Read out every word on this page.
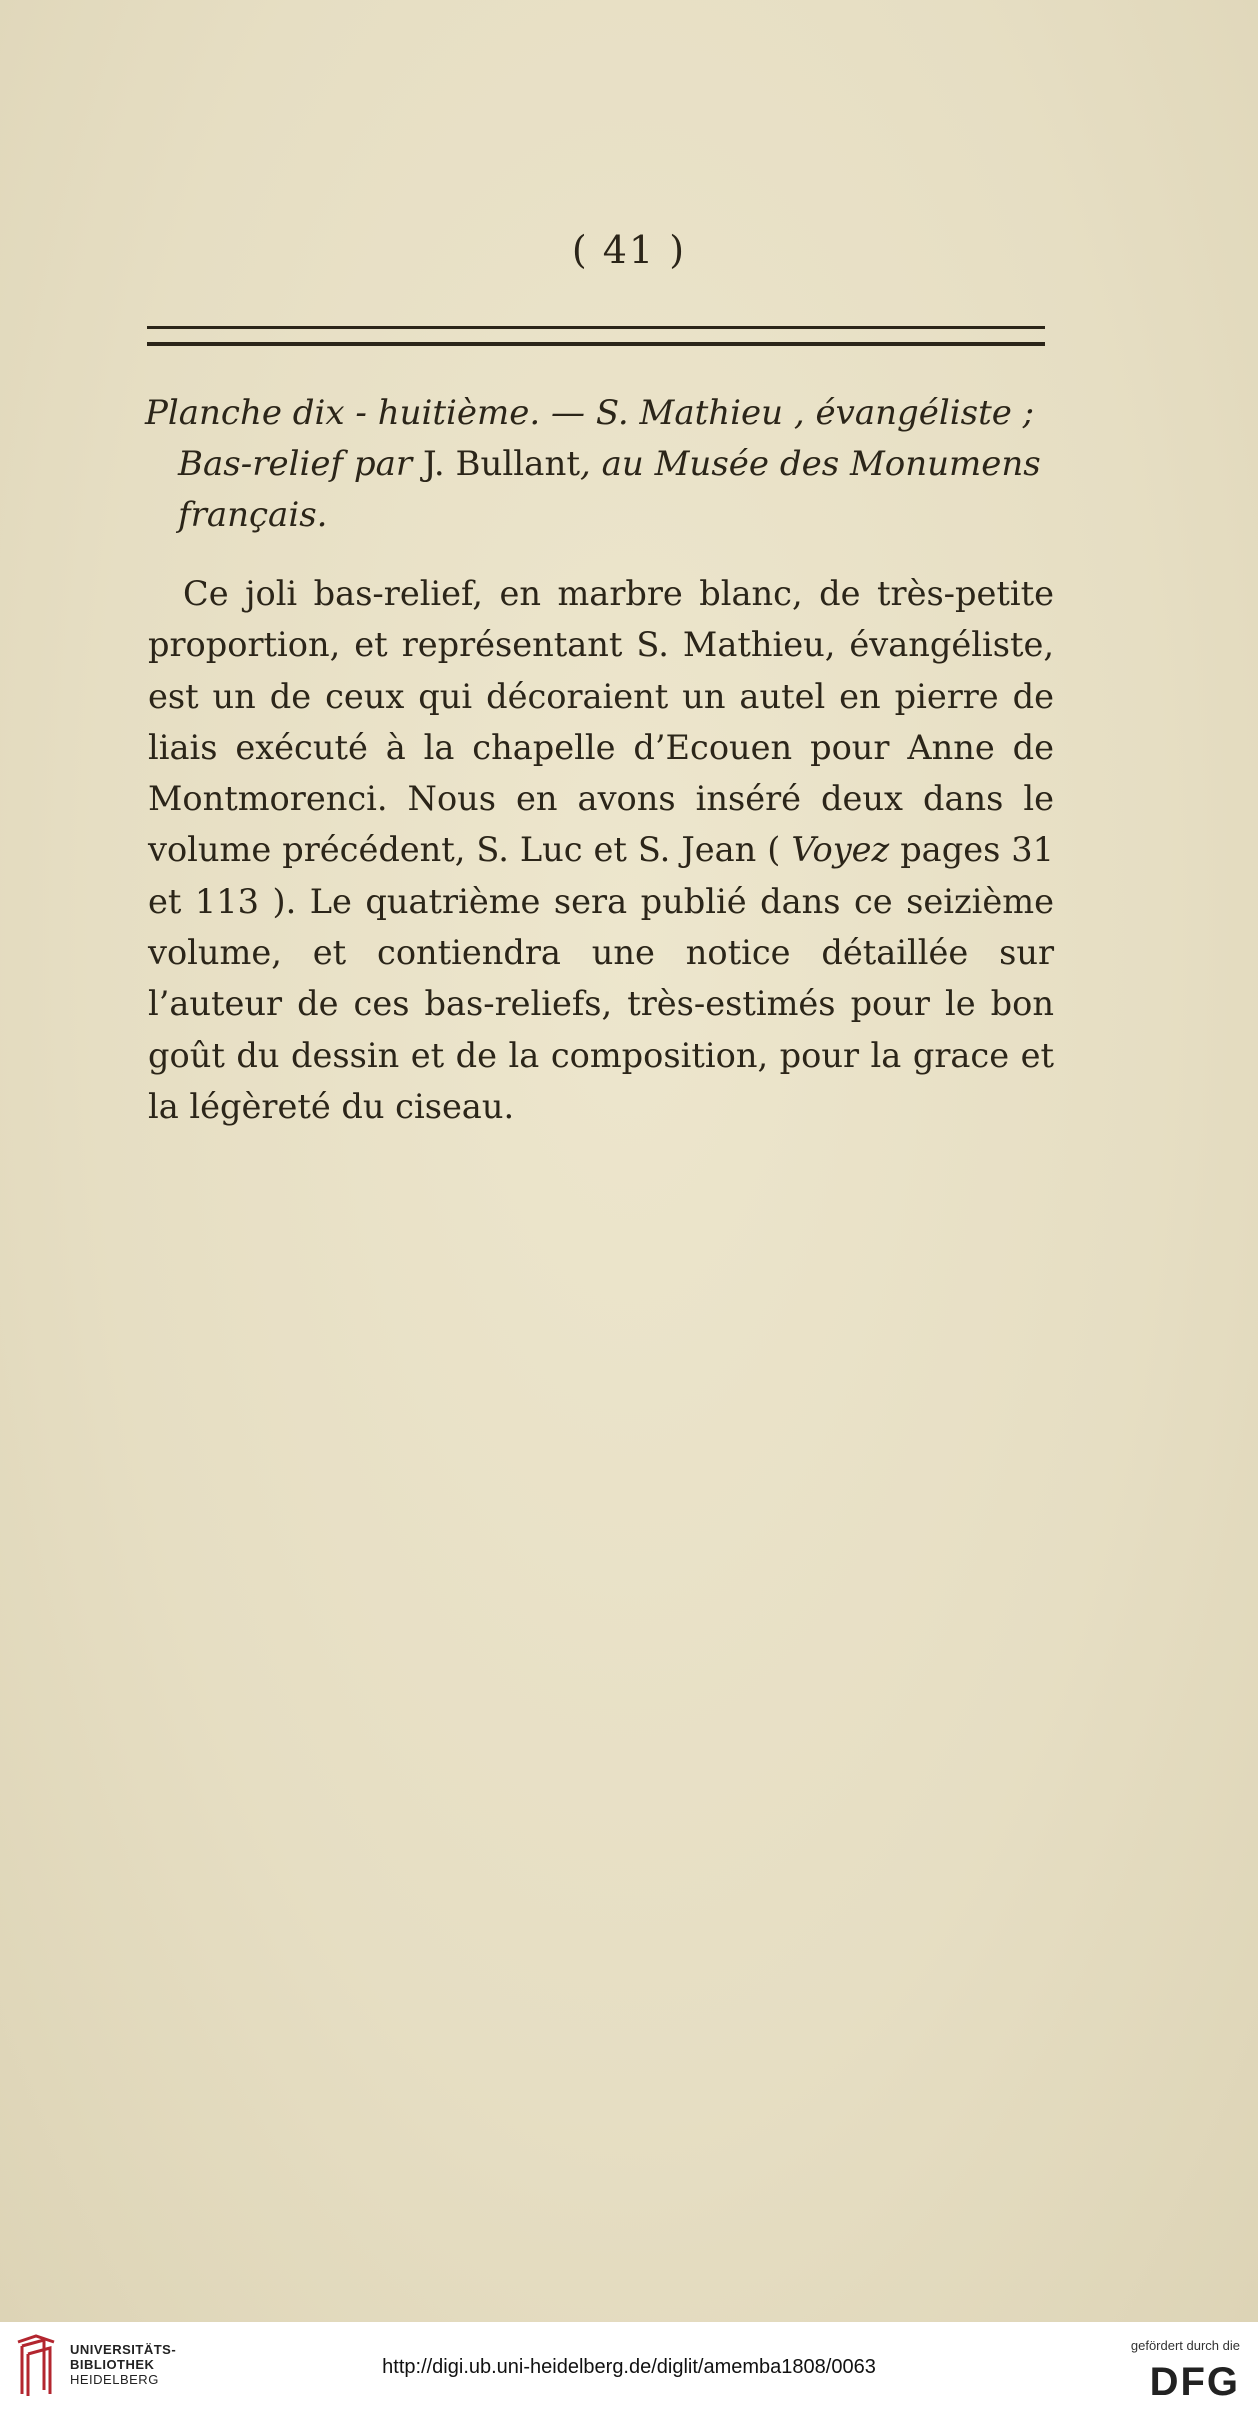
( 41 )
Planche dix - huitième. — S. Mathieu , évangéliste ;
Bas-relief par J. Bullant, au Musée des Monumens
français.
Ce joli bas-relief, en marbre blanc, de très-petite proportion, et représentant S. Mathieu, évangéliste, est un de ceux qui décoraient un autel en pierre de liais exécuté à la chapelle d’Ecouen pour Anne de Montmorenci. Nous en avons inséré deux dans le volume précédent, S. Luc et S. Jean ( Voyez pages 31 et 113 ). Le quatrième sera publié dans ce seizième volume, et contiendra une notice détaillée sur l’auteur de ces bas-reliefs, très-estimés pour le bon goût du dessin et de la composition, pour la grace et la légèreté du ciseau.
UNIVERSITÄTS-
BIBLIOTHEK
HEIDELBERG
http://digi.ub.uni-heidelberg.de/diglit/amemba1808/0063
gefördert durch die
DFG
